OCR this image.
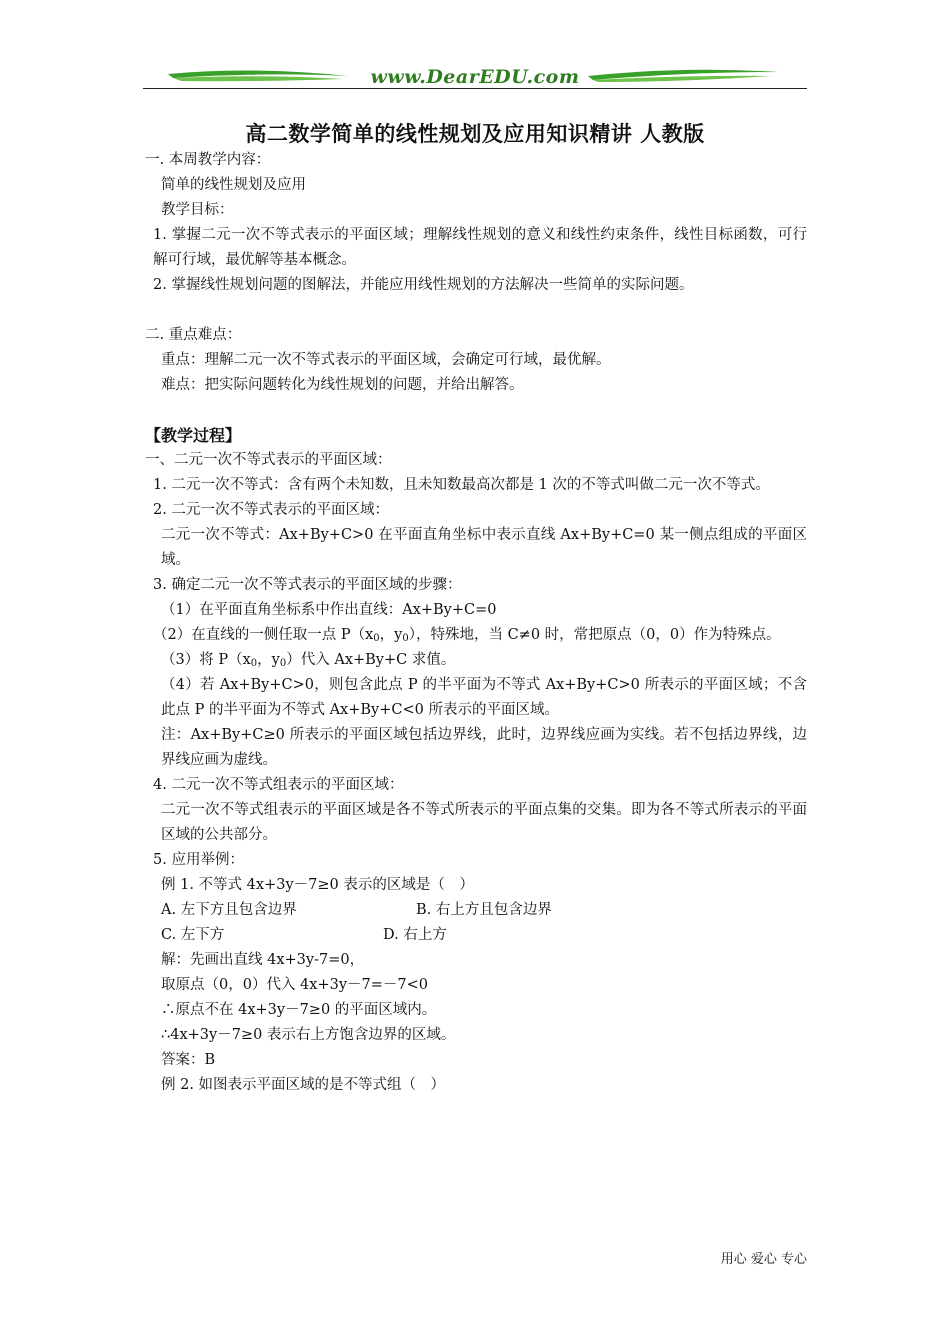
www.DearEDU.com
高二数学简单的线性规划及应用知识精讲 人教版
一. 本周教学内容：
简单的线性规划及应用
教学目标：
1. 掌握二元一次不等式表示的平面区域；理解线性规划的意义和线性约束条件，线性目标函数，可行解可行域，最优解等基本概念。
2. 掌握线性规划问题的图解法，并能应用线性规划的方法解决一些简单的实际问题。
二. 重点难点：
重点：理解二元一次不等式表示的平面区域，会确定可行域，最优解。
难点：把实际问题转化为线性规划的问题，并给出解答。
【教学过程】
一、二元一次不等式表示的平面区域：
1. 二元一次不等式：含有两个未知数，且未知数最高次都是 1 次的不等式叫做二元一次不等式。
2. 二元一次不等式表示的平面区域：
二元一次不等式：Ax+By+C>0 在平面直角坐标中表示直线 Ax+By+C=0 某一侧点组成的平面区域。
3. 确定二元一次不等式表示的平面区域的步骤：
（1）在平面直角坐标系中作出直线：Ax+By+C=0
（2）在直线的一侧任取一点 $P(x_0$，$y_0$），特殊地，当 C≠0 时，常把原点（0，0）作为特殊点。
（3）将 $P(x_0$，$y_0$）代入 Ax+By+C 求值。
（4）若 Ax+By+C>0，则包含此点 P 的半平面为不等式 Ax+By+C>0 所表示的平面区域；不含此点 P 的半平面为不等式 Ax+By+C<0 所表示的平面区域。
注：Ax+By+C≥0 所表示的平面区域包括边界线，此时，边界线应画为实线。若不包括边界线，边界线应画为虚线。
4. 二元一次不等式组表示的平面区域：
二元一次不等式组表示的平面区域是各不等式所表示的平面点集的交集。即为各不等式所表示的平面区域的公共部分。
5. 应用举例：
例 1. 不等式 4x+3y－7≥0 表示的区域是（　）
A. 左下方且包含边界	B. 右上方且包含边界
C. 左下方	D. 右上方
解：先画出直线 4x+3y-7=0，
取原点（0，0）代入 4x+3y－7=－7<0
∴原点不在 4x+3y－7≥0 的平面区域内。
∴4x+3y－7≥0 表示右上方饱含边界的区域。
答案：B
例 2. 如图表示平面区域的是不等式组（　）
用心 爱心 专心
